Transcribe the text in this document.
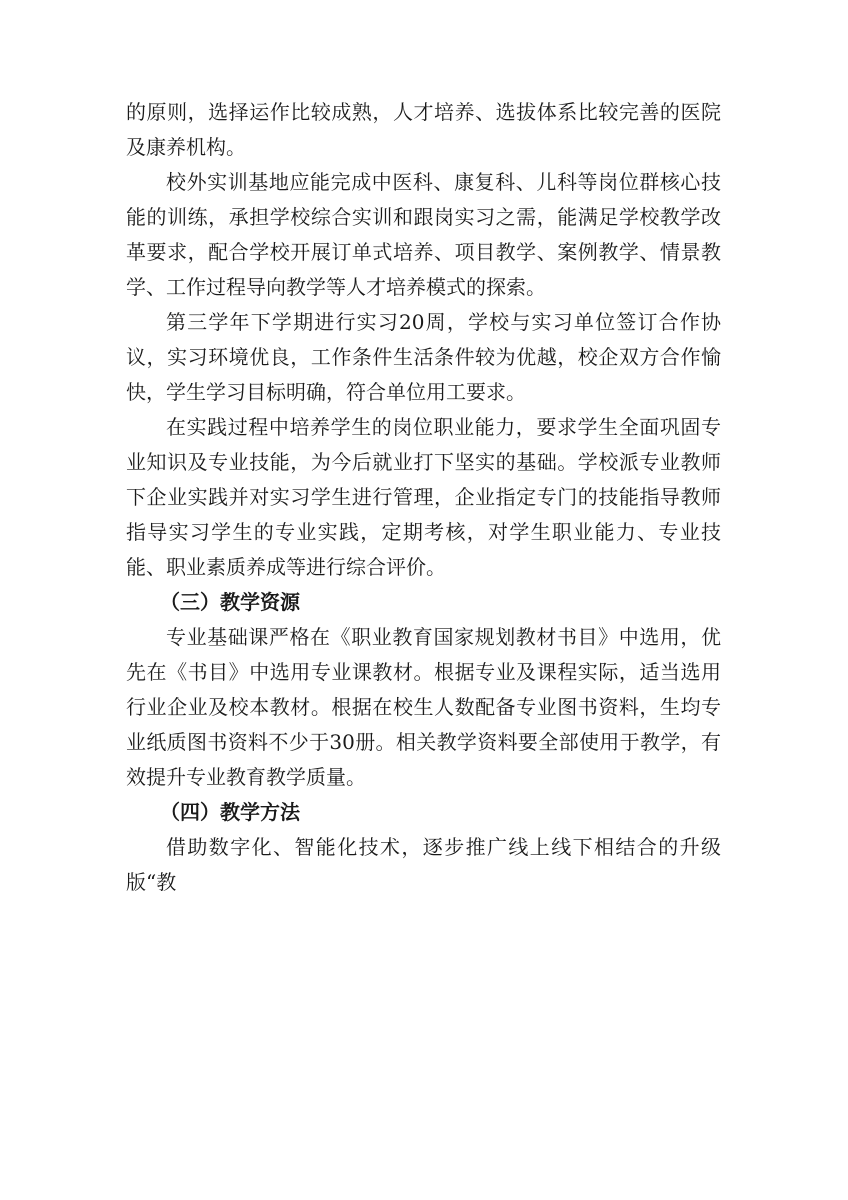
的原则，选择运作比较成熟，人才培养、选拔体系比较完善的医院及康养机构。

校外实训基地应能完成中医科、康复科、儿科等岗位群核心技能的训练，承担学校综合实训和跟岗实习之需，能满足学校教学改革要求，配合学校开展订单式培养、项目教学、案例教学、情景教学、工作过程导向教学等人才培养模式的探索。

第三学年下学期进行实习20周，学校与实习单位签订合作协议，实习环境优良，工作条件生活条件较为优越，校企双方合作愉快，学生学习目标明确，符合单位用工要求。

在实践过程中培养学生的岗位职业能力，要求学生全面巩固专业知识及专业技能，为今后就业打下坚实的基础。学校派专业教师下企业实践并对实习学生进行管理，企业指定专门的技能指导教师指导实习学生的专业实践，定期考核，对学生职业能力、专业技能、职业素质养成等进行综合评价。

（三）教学资源

专业基础课严格在《职业教育国家规划教材书目》中选用，优先在《书目》中选用专业课教材。根据专业及课程实际，适当选用行业企业及校本教材。根据在校生人数配备专业图书资料，生均专业纸质图书资料不少于30册。相关教学资料要全部使用于教学，有效提升专业教育教学质量。

（四）教学方法

借助数字化、智能化技术，逐步推广线上线下相结合的升级版“教
